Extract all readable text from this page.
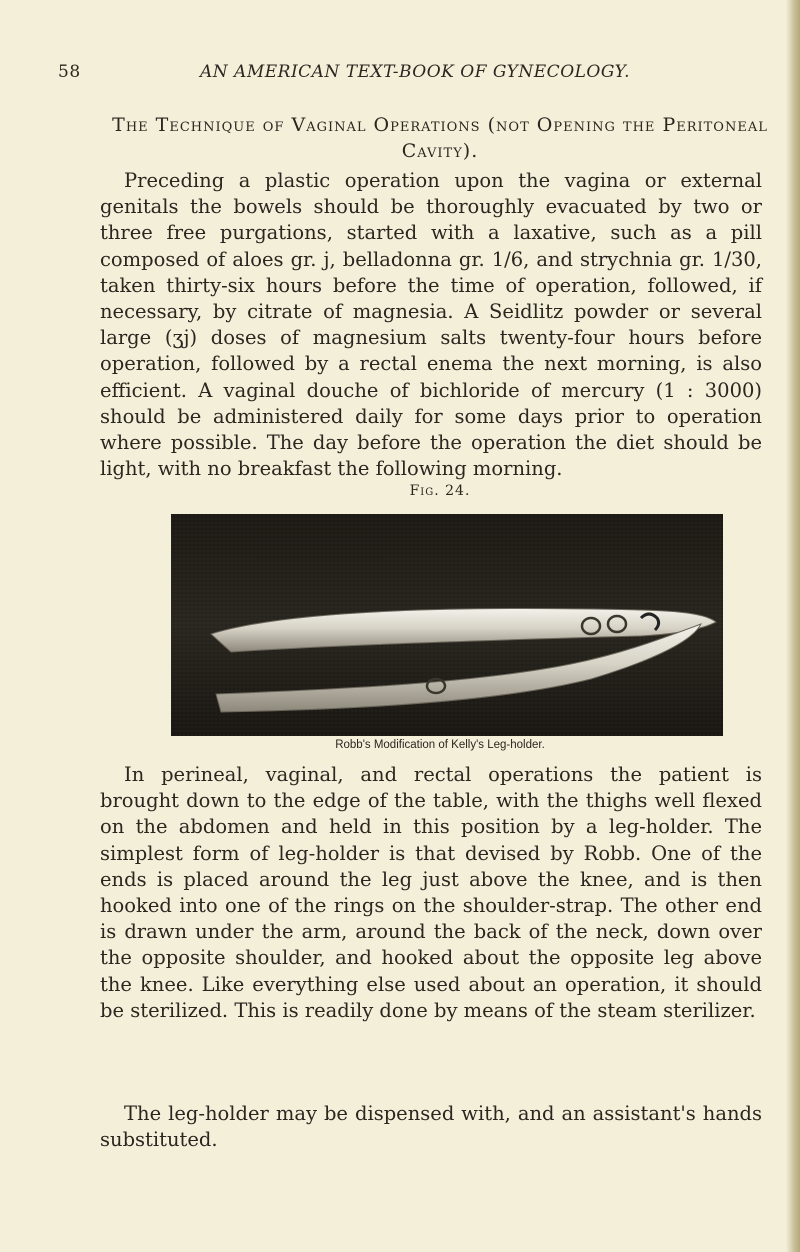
58	AN AMERICAN TEXT-BOOK OF GYNECOLOGY.
The Technique of Vaginal Operations (not Opening the Peritoneal Cavity).

Preceding a plastic operation upon the vagina or external genitals the bowels should be thoroughly evacuated by two or three free purgations, started with a laxative, such as a pill composed of aloes gr. j, belladonna gr. 1/6, and strychnia gr. 1/30, taken thirty-six hours before the time of operation, followed, if necessary, by citrate of magnesia. A Seidlitz powder or several large (ʒj) doses of magnesium salts twenty-four hours before operation, followed by a rectal enema the next morning, is also efficient. A vaginal douche of bichloride of mercury (1 : 3000) should be administered daily for some days prior to operation where possible. The day before the operation the diet should be light, with no breakfast the following morning.

Fig. 24.
Robb's Modification of Kelly's Leg-holder.

In perineal, vaginal, and rectal operations the patient is brought down to the edge of the table, with the thighs well flexed on the abdomen and held in this position by a leg-holder. The simplest form of leg-holder is that devised by Robb. One of the ends is placed around the leg just above the knee, and is then hooked into one of the rings on the shoulder-strap. The other end is drawn under the arm, around the back of the neck, down over the opposite shoulder, and hooked about the opposite leg above the knee. Like everything else used about an operation, it should be sterilized. This is readily done by means of the steam sterilizer.

The leg-holder may be dispensed with, and an assistant's hands substituted.
